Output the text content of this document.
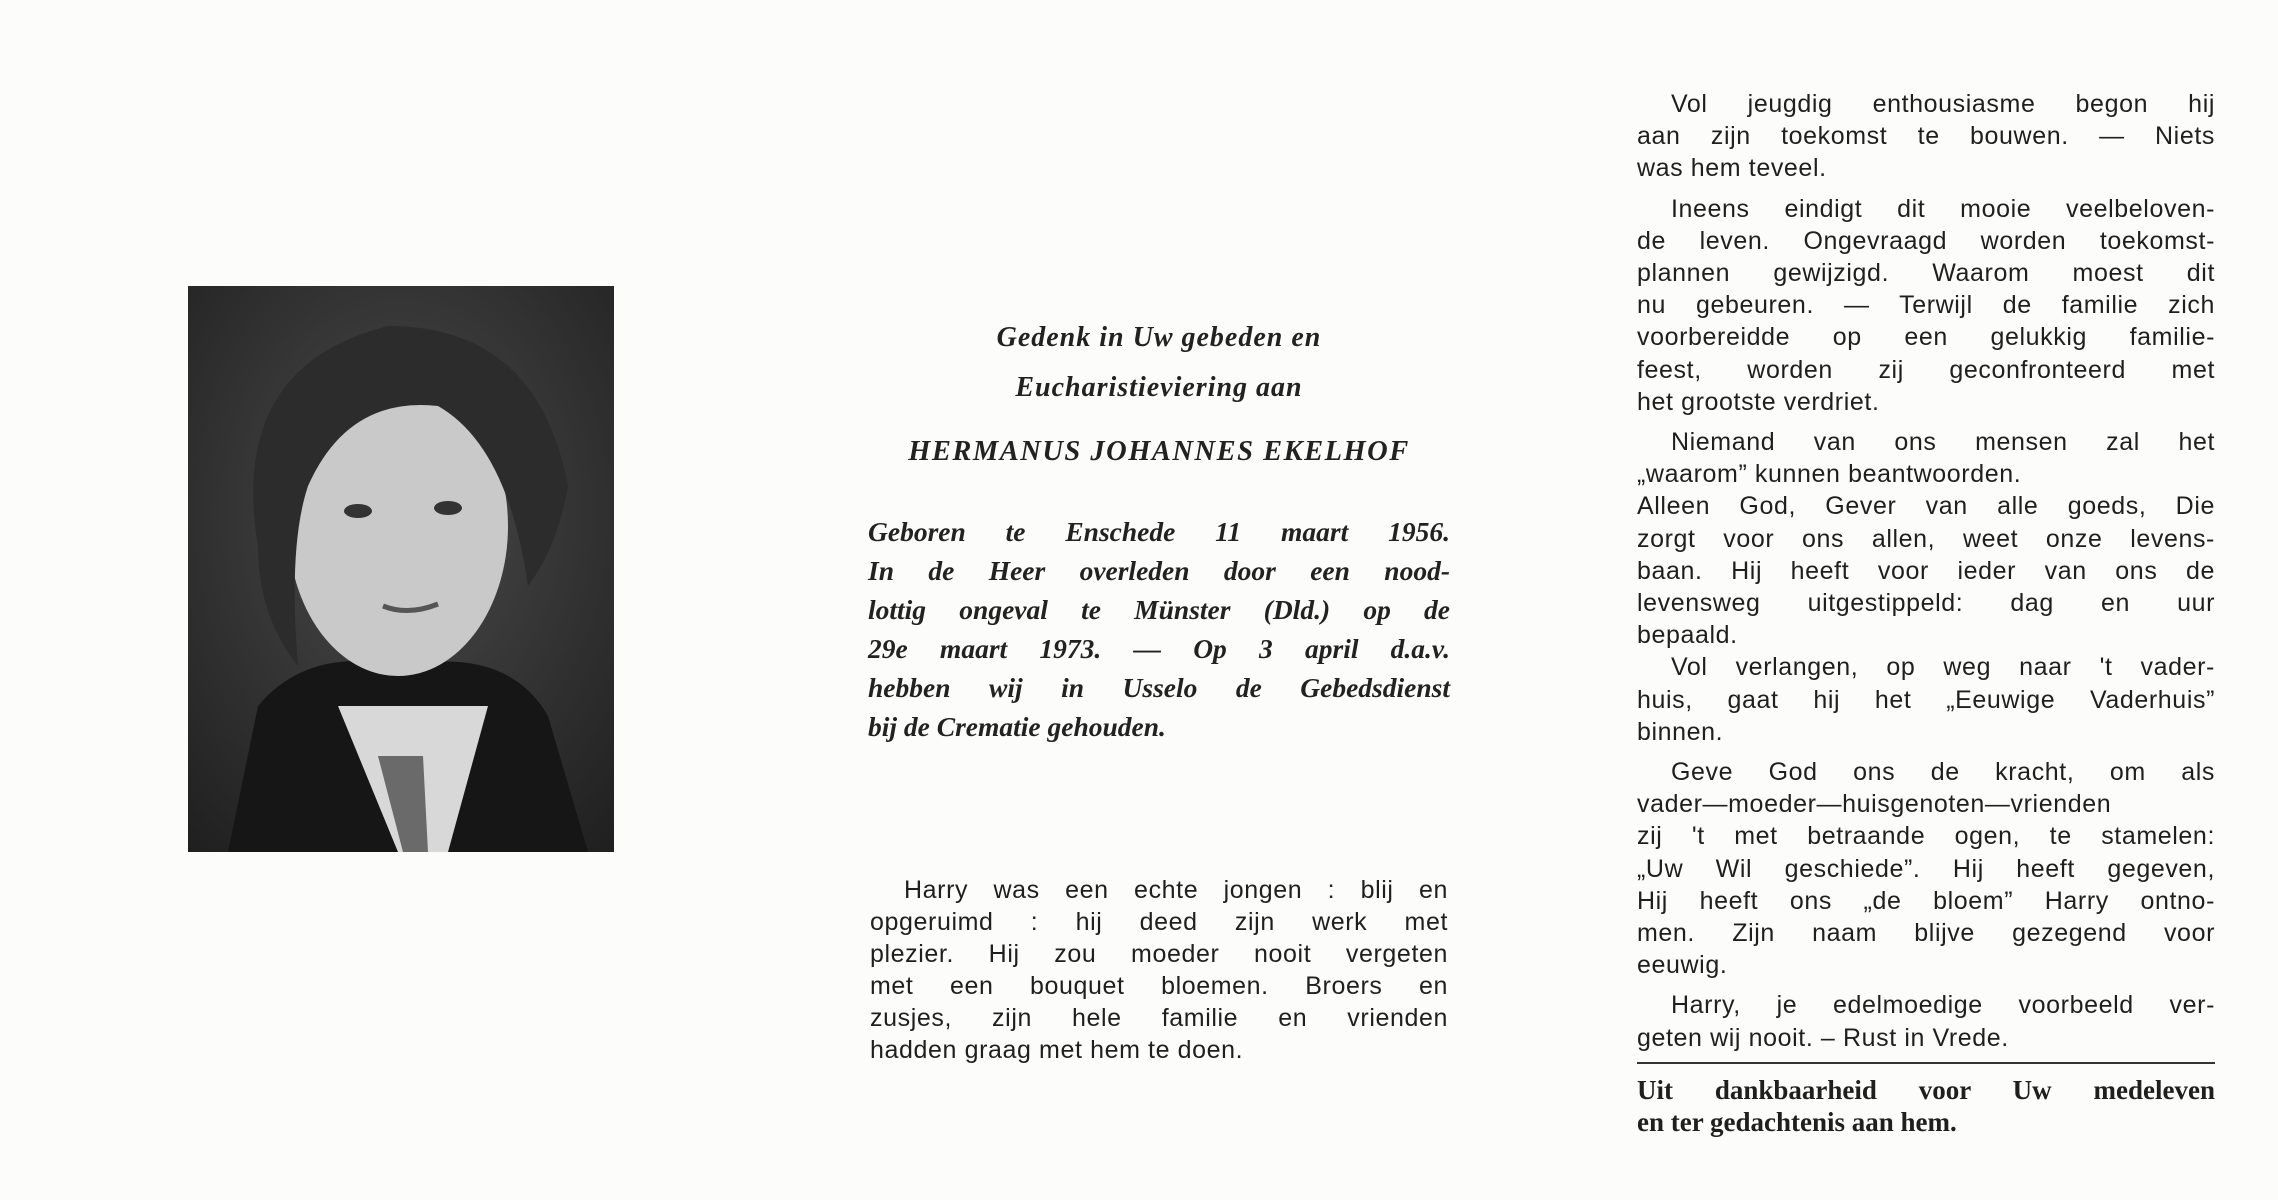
Gedenk in Uw gebeden en
Eucharistieviering aan
HERMANUS JOHANNES EKELHOF
Geboren te Enschede 11 maart 1956.
In de Heer overleden door een nood-
lottig ongeval te Münster (Dld.) op de
29e maart 1973. — Op 3 april d.a.v.
hebben wij in Usselo de Gebedsdienst
bij de Crematie gehouden.
Harry was een echte jongen : blij en
opgeruimd : hij deed zijn werk met
plezier. Hij zou moeder nooit vergeten
met een bouquet bloemen. Broers en
zusjes, zijn hele familie en vrienden
hadden graag met hem te doen.
Vol jeugdig enthousiasme begon hij
aan zijn toekomst te bouwen. — Niets
was hem teveel.
Ineens eindigt dit mooie veelbeloven-
de leven. Ongevraagd worden toekomst-
plannen gewijzigd. Waarom moest dit
nu gebeuren. — Terwijl de familie zich
voorbereidde op een gelukkig familie-
feest, worden zij geconfronteerd met
het grootste verdriet.
Niemand van ons mensen zal het
„waarom” kunnen beantwoorden.
Alleen God, Gever van alle goeds, Die
zorgt voor ons allen, weet onze levens-
baan. Hij heeft voor ieder van ons de
levensweg uitgestippeld: dag en uur
bepaald.
Vol verlangen, op weg naar 't vader-
huis, gaat hij het „Eeuwige Vaderhuis”
binnen.
Geve God ons de kracht, om als
vader—moeder—huisgenoten—vrienden
zij 't met betraande ogen, te stamelen:
„Uw Wil geschiede”. Hij heeft gegeven,
Hij heeft ons „de bloem” Harry ontno-
men. Zijn naam blijve gezegend voor
eeuwig.
Harry, je edelmoedige voorbeeld ver-
geten wij nooit. – Rust in Vrede.
Uit dankbaarheid voor Uw medeleven
en ter gedachtenis aan hem.
